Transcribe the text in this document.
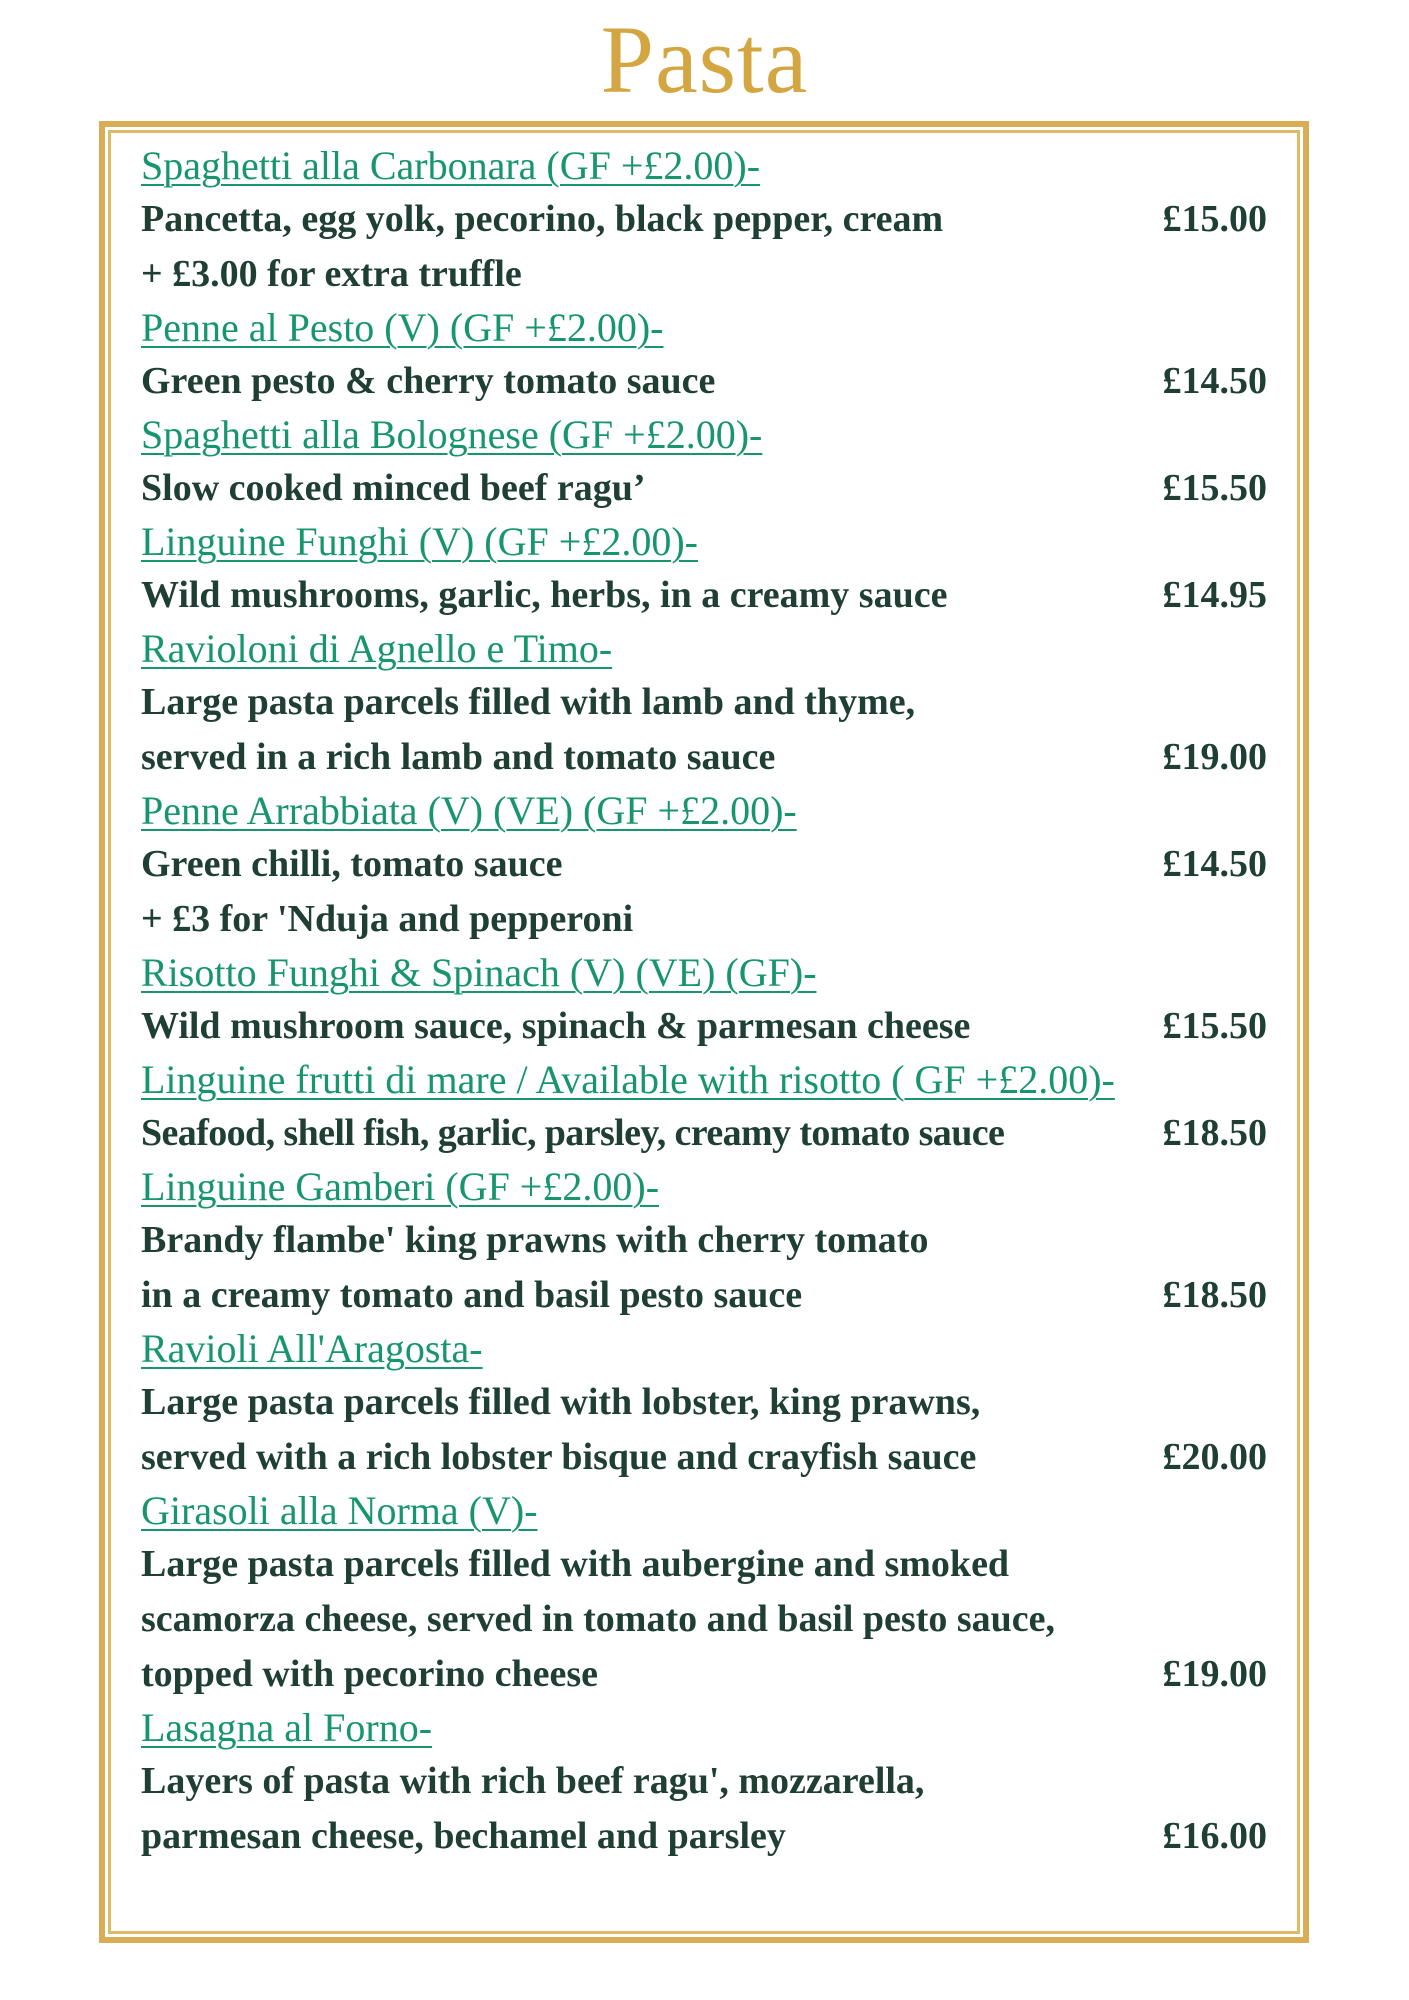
Pasta
Spaghetti alla Carbonara (GF +£2.00)-
Pancetta, egg yolk, pecorino, black pepper, cream	£15.00
+ £3.00 for extra truffle
Penne al Pesto (V) (GF +£2.00)-
Green pesto & cherry tomato sauce	£14.50
Spaghetti alla Bolognese (GF +£2.00)-
Slow cooked minced beef ragu’	£15.50
Linguine Funghi (V) (GF +£2.00)-
Wild mushrooms, garlic, herbs, in a creamy sauce	£14.95
Ravioloni di Agnello e Timo-
Large pasta parcels filled with lamb and thyme,
served in a rich lamb and tomato sauce	£19.00
Penne Arrabbiata (V) (VE) (GF +£2.00)-
Green chilli, tomato sauce	£14.50
+ £3 for 'Nduja and pepperoni
Risotto Funghi & Spinach (V) (VE) (GF)-
Wild mushroom sauce, spinach & parmesan cheese	£15.50
Linguine frutti di mare / Available with risotto ( GF +£2.00)-
Seafood, shell fish, garlic, parsley, creamy tomato sauce	£18.50
Linguine Gamberi (GF +£2.00)-
Brandy flambe' king prawns with cherry tomato
in a creamy tomato and basil pesto sauce	£18.50
Ravioli All'Aragosta-
Large pasta parcels filled with lobster, king prawns,
served with a rich lobster bisque and crayfish sauce	£20.00
Girasoli alla Norma (V)-
Large pasta parcels filled with aubergine and smoked
scamorza cheese, served in tomato and basil pesto sauce,
topped with pecorino cheese	£19.00
Lasagna al Forno-
Layers of pasta with rich beef ragu', mozzarella,
parmesan cheese, bechamel and parsley	£16.00
